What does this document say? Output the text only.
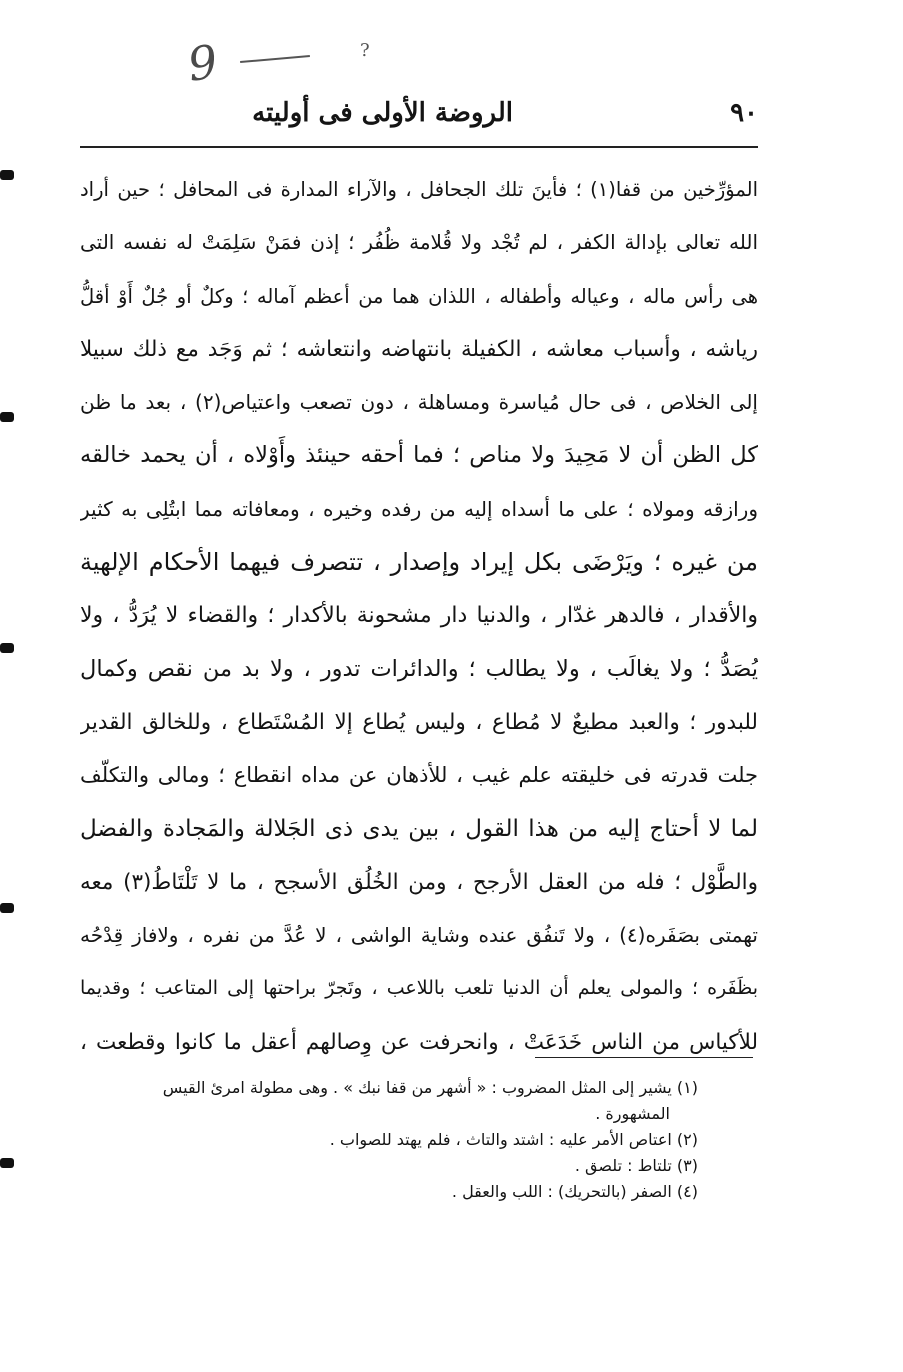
9	?
٩٠
الروضة الأولى فى أوليته
المؤرِّخين من قفا(١) ؛ فأينَ تلك الجحافل ، والآراء المدارة فى المحافل ؛ حين أراد
الله تعالى بإدالة الكفر ، لم تُجْد ولا قُلامة ظُفُر ؛ إذن فمَنْ سَلِمَتْ له نفسه التى
هى رأس ماله ، وعياله وأطفاله ، اللذان هما من أعظم آماله ؛ وكلٌ أو جُلٌ أَوْ أقلُّ
رياشه ، وأسباب معاشه ، الكفيلة بانتهاضه وانتعاشه ؛ ثم وَجَد مع ذلك سبيلا
إلى الخلاص ، فى حال مُياسرة ومساهلة ، دون تصعب واعتياص(٢) ، بعد ما ظن
كل الظن أن لا مَحِيدَ ولا مناص ؛ فما أحقه حينئذ وأَوْلاه ، أن يحمد خالقه
ورازقه ومولاه ؛ على ما أسداه إليه من رفده وخيره ، ومعافاته مما ابتُلِى به كثير
من غيره ؛ ويَرْضَى بكل إيراد وإصدار ، تتصرف فيهما الأحكام الإلهية
والأقدار ، فالدهر غدّار ، والدنيا دار مشحونة بالأكدار ؛ والقضاء لا يُرَدُّ ، ولا
يُصَدُّ ؛ ولا يغالَب ، ولا يطالب ؛ والدائرات تدور ، ولا بد من نقص وكمال
للبدور ؛ والعبد مطيعٌ لا مُطاع ، وليس يُطاع إلا المُسْتَطاع ، وللخالق القدير
جلت قدرته فى خليقته علم غيب ، للأذهان عن مداه انقطاع ؛ ومالى والتكلّف
لما لا أحتاج إليه من هذا القول ، بين يدى ذى الجَلالة والمَجادة والفضل
والطَّوْل ؛ فله من العقل الأرجح ، ومن الخُلُق الأسجح ، ما لا تَلْتَاطُ(٣) معه
تهمتى بصَفَره(٤) ، ولا تَنفُق عنده وشاية الواشى ، لا عُدَّ من نفره ، ولافاز قِدْحُه
بظَفَره ؛ والمولى يعلم أن الدنيا تلعب باللاعب ، وتَجرّ براحتها إلى المتاعب ؛ وقديما
للأكياس من الناس خَدَعَتْ ، وانحرفت عن وِصالهم أعقل ما كانوا وقطعت ،
(١) يشير إلى المثل المضروب : « أشهر من قفا نبك » . وهى مطولة امرئ القيس
المشهورة .
(٢) اعتاص الأمر عليه : اشتد والتاث ، فلم يهتد للصواب .
(٣) تلتاط : تلصق .
(٤) الصفر (بالتحريك) : اللب والعقل .
